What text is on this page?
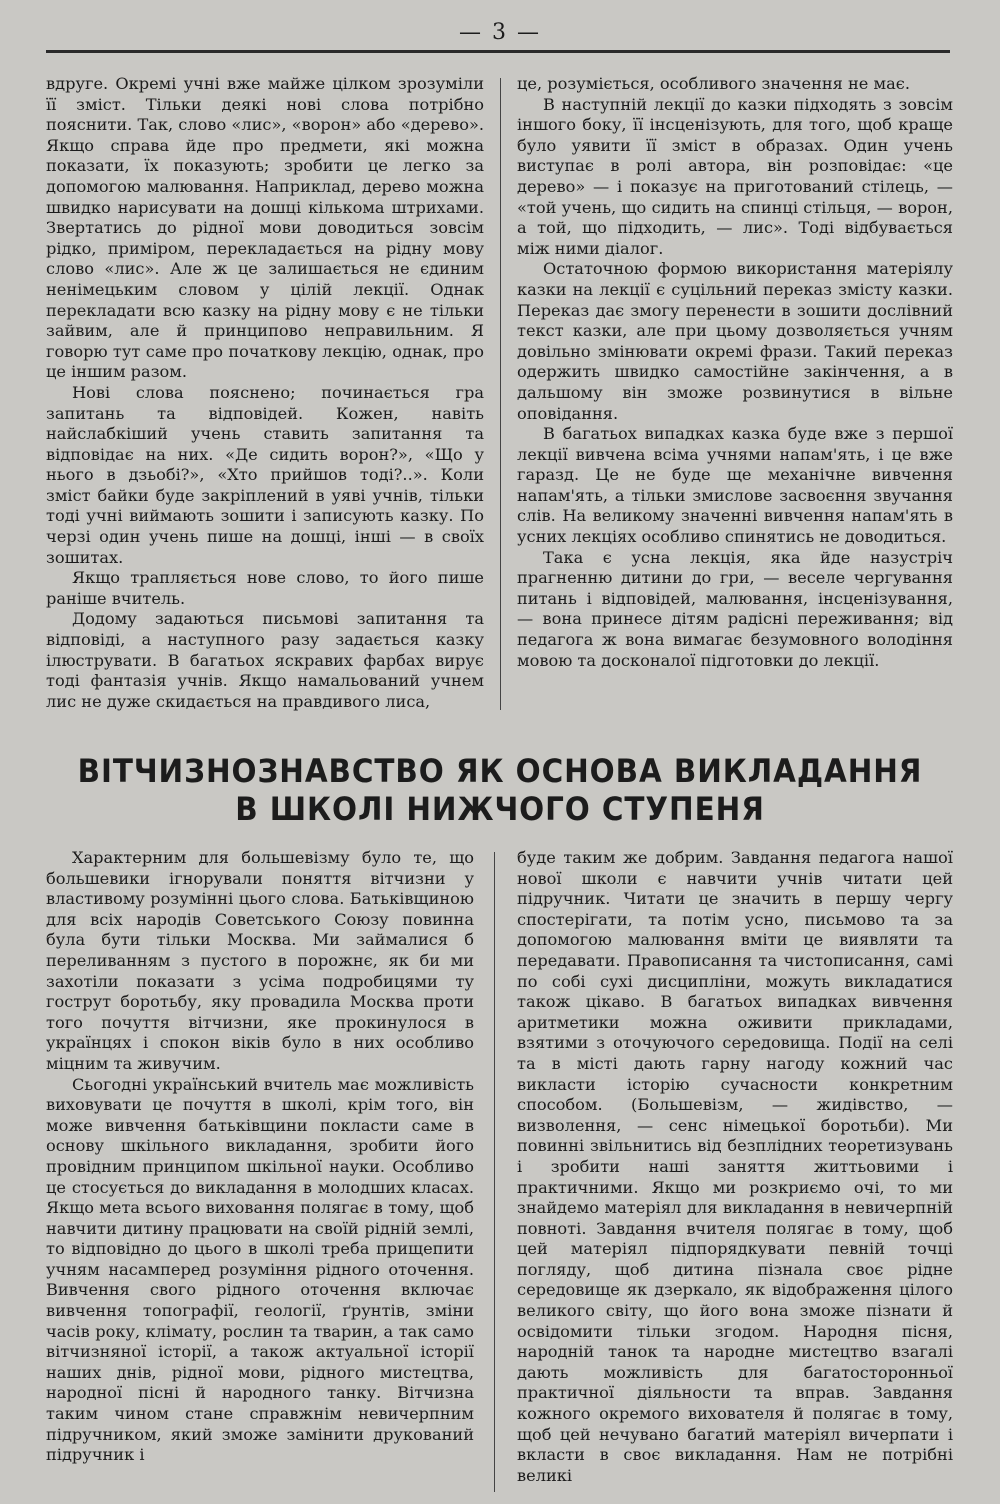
— 3 —

вдруге. Окремі учні вже майже цілком зрозуміли її зміст. Тільки деякі нові слова потрібно пояснити. Так, слово «лис», «ворон» або «дерево». Якщо справа йде про предмети, які можна показати, їх показують; зробити це легко за допомогою малювання. Наприклад, дерево можна швидко нарисувати на дошці кількома штрихами. Звертатись до рідної мови доводиться зовсім рідко, приміром, перекладається на рідну мову слово «лис». Але ж це залишається не єдиним ненімецьким словом у цілій лекції. Однак перекладати всю казку на рідну мову є не тільки зайвим, але й принципово неправильним. Я говорю тут саме про початкову лекцію, однак, про це іншим разом.

Нові слова пояснено; починається гра запитань та відповідей. Кожен, навіть найслабкіший учень ставить запитання та відповідає на них. «Де сидить ворон?», «Що у нього в дзьобі?», «Хто прийшов тоді?..». Коли зміст байки буде закріплений в уяві учнів, тільки тоді учні виймають зошити і записують казку. По черзі один учень пише на дошці, інші — в своїх зошитах.

Якщо трапляється нове слово, то його пише раніше вчитель.

Додому задаються письмові запитання та відповіді, а наступного разу задається казку ілюструвати. В багатьох яскравих фарбах вирує тоді фантазія учнів. Якщо намальований учнем лис не дуже скидається на правдивого лиса,

це, розуміється, особливого значення не має.

В наступній лекції до казки підходять з зовсім іншого боку, її інсценізують, для того, щоб краще було уявити її зміст в образах. Один учень виступає в ролі автора, він розповідає: «це дерево» — і показує на приготований стілець, — «той учень, що сидить на спинці стільця, — ворон, а той, що підходить, — лис». Тоді відбувається між ними діалог.

Остаточною формою використання матеріялу казки на лекції є суцільний переказ змісту казки. Переказ дає змогу перенести в зошити дослівний текст казки, але при цьому дозволяється учням довільно змінювати окремі фрази. Такий переказ одержить швидко самостійне закінчення, а в дальшому він зможе розвинутися в вільне оповідання.

В багатьох випадках казка буде вже з першої лекції вивчена всіма учнями напам'ять, і це вже гаразд. Це не буде ще механічне вивчення напам'ять, а тільки змислове засвоєння звучання слів. На великому значенні вивчення напам'ять в усних лекціях особливо спинятись не доводиться.

Така є усна лекція, яка йде назустріч прагненню дитини до гри, — веселе чергування питань і відповідей, малювання, інсценізування, — вона принесе дітям радісні переживання; від педагога ж вона вимагає безумовного володіння мовою та досконалої підготовки до лекції.

ВІТЧИЗНОЗНАВСТВО ЯК ОСНОВА ВИКЛАДАННЯ
В ШКОЛІ НИЖЧОГО СТУПЕНЯ

Характерним для большевізму було те, що большевики ігнорували поняття вітчизни у властивому розумінні цього слова. Батьківщиною для всіх народів Советського Союзу повинна була бути тільки Москва. Ми займалися б переливанням з пустого в порожнє, як би ми захотіли показати з усіма подробицями ту гострут боротьбу, яку провадила Москва проти того почуття вітчизни, яке прокинулося в українцях і спокон віків було в них особливо міцним та живучим.

Сьогодні український вчитель має можливість виховувати це почуття в школі, крім того, він може вивчення батьківщини покласти саме в основу шкільного викладання, зробити його провідним принципом шкільної науки. Особливо це стосується до викладання в молодших класах. Якщо мета всього виховання полягає в тому, щоб навчити дитину працювати на своїй рідній землі, то відповідно до цього в школі треба прищепити учням насамперед розуміння рідного оточення. Вивчення свого рідного оточення включає вивчення топографії, геології, ґрунтів, зміни часів року, клімату, рослин та тварин, а так само вітчизняної історії, а також актуальної історії наших днів, рідної мови, рідного мистецтва, народної пісні й народного танку. Вітчизна таким чином стане справжнім невичерпним підручником, який зможе замінити друкований підручник і

буде таким же добрим. Завдання педагога нашої нової школи є навчити учнів читати цей підручник. Читати це значить в першу чергу спостерігати, та потім усно, письмово та за допомогою малювання вміти це виявляти та передавати. Правописання та чистописання, самі по собі сухі дисципліни, можуть викладатися також цікаво. В багатьох випадках вивчення аритметики можна оживити прикладами, взятими з оточуючого середовища. Події на селі та в місті дають гарну нагоду кожний час викласти історію сучасности конкретним способом. (Большевізм, — жидівство, — визволення, — сенс німецької боротьби). Ми повинні звільнитись від безплідних теоретизувань і зробити наші заняття життьовими і практичними. Якщо ми розкриємо очі, то ми знайдемо матеріял для викладання в невичерпній повноті. Завдання вчителя полягає в тому, щоб цей матеріял підпорядкувати певній точці погляду, щоб дитина пізнала своє рідне середовище як дзеркало, як відображення цілого великого світу, що його вона зможе пізнати й освідомити тільки згодом. Народня пісня, народній танок та народне мистецтво взагалі дають можливість для багатосторонньої практичної діяльности та вправ. Завдання кожного окремого вихователя й полягає в тому, щоб цей нечувано багатий матеріял вичерпати і вкласти в своє викладання. Нам не потрібні великі
